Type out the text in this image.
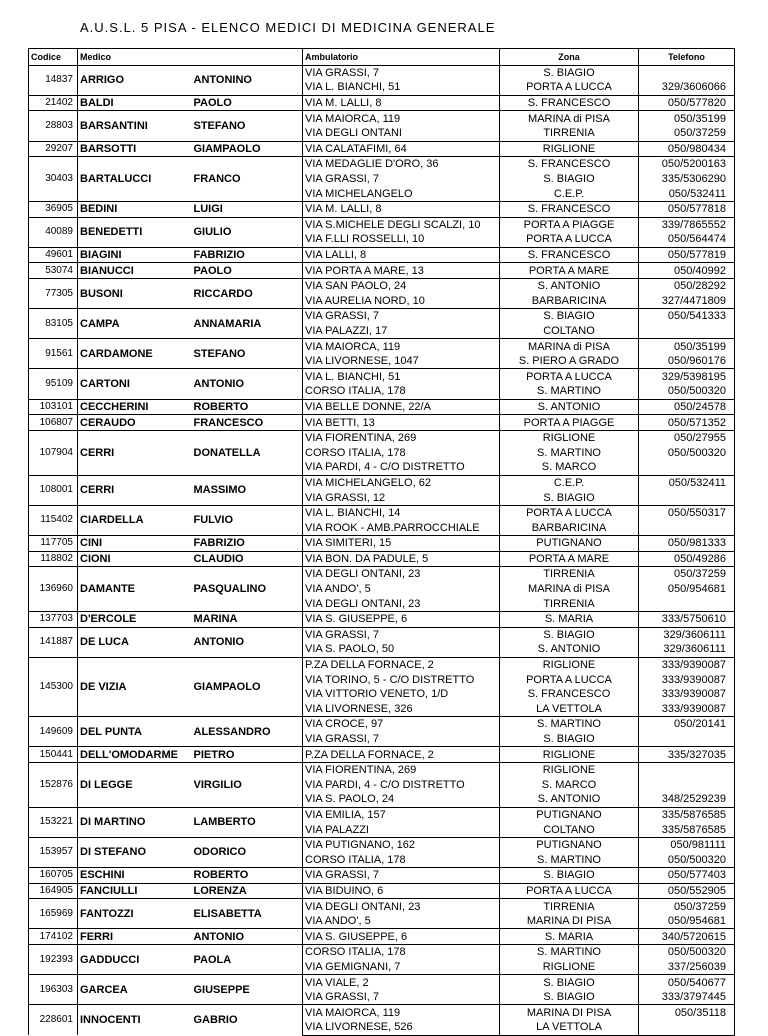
A.U.S.L. 5 PISA - ELENCO MEDICI DI MEDICINA GENERALE
Codice	Medico		Ambulatorio	Zona	Telefono
14837	ARRIGO	ANTONINO	VIA GRASSI, 7	S. BIAGIO	
			VIA L. BIANCHI, 51	PORTA A LUCCA	329/3606066
21402	BALDI	PAOLO	VIA M. LALLI, 8	S. FRANCESCO	050/577820
28803	BARSANTINI	STEFANO	VIA MAIORCA, 119	MARINA di PISA	050/35199
			VIA DEGLI ONTANI	TIRRENIA	050/37259
29207	BARSOTTI	GIAMPAOLO	VIA CALATAFIMI, 64	RIGLIONE	050/980434
30403	BARTALUCCI	FRANCO	VIA MEDAGLIE D'ORO, 36	S. FRANCESCO	050/5200163
			VIA GRASSI, 7	S. BIAGIO	335/5306290
			VIA MICHELANGELO	C.E.P.	050/532411
36905	BEDINI	LUIGI	VIA M. LALLI, 8	S. FRANCESCO	050/577818
40089	BENEDETTI	GIULIO	VIA S.MICHELE DEGLI SCALZI, 10	PORTA A PIAGGE	339/7865552
			VIA F.LLI ROSSELLI, 10	PORTA A LUCCA	050/564474
49601	BIAGINI	FABRIZIO	VIA LALLI, 8	S. FRANCESCO	050/577819
53074	BIANUCCI	PAOLO	VIA PORTA A MARE, 13	PORTA A MARE	050/40992
77305	BUSONI	RICCARDO	VIA SAN PAOLO, 24	S. ANTONIO	050/28292
			VIA AURELIA NORD, 10	BARBARICINA	327/4471809
83105	CAMPA	ANNAMARIA	VIA GRASSI, 7	S. BIAGIO	050/541333
			VIA PALAZZI, 17	COLTANO	
91561	CARDAMONE	STEFANO	VIA MAIORCA, 119	MARINA di PISA	050/35199
			VIA LIVORNESE, 1047	S. PIERO A GRADO	050/960176
95109	CARTONI	ANTONIO	VIA L. BIANCHI, 51	PORTA A LUCCA	329/5398195
			CORSO ITALIA, 178	S. MARTINO	050/500320
103101	CECCHERINI	ROBERTO	VIA BELLE DONNE, 22/A	S. ANTONIO	050/24578
106807	CERAUDO	FRANCESCO	VIA BETTI, 13	PORTA A PIAGGE	050/571352
107904	CERRI	DONATELLA	VIA FIORENTINA, 269	RIGLIONE	050/27955
			CORSO ITALIA, 178	S. MARTINO	050/500320
			VIA PARDI, 4 - C/O DISTRETTO	S. MARCO	
108001	CERRI	MASSIMO	VIA MICHELANGELO, 62	C.E.P.	050/532411
			VIA GRASSI, 12	S. BIAGIO	
115402	CIARDELLA	FULVIO	VIA L. BIANCHI, 14	PORTA A LUCCA	050/550317
			VIA ROOK - AMB.PARROCCHIALE	BARBARICINA	
117705	CINI	FABRIZIO	VIA SIMITERI, 15	PUTIGNANO	050/981333
118802	CIONI	CLAUDIO	VIA BON. DA PADULE, 5	PORTA A MARE	050/49286
136960	DAMANTE	PASQUALINO	VIA DEGLI ONTANI, 23	TIRRENIA	050/37259
			VIA ANDO', 5	MARINA di PISA	050/954681
			VIA DEGLI ONTANI, 23	TIRRENIA	
137703	D'ERCOLE	MARINA	VIA S. GIUSEPPE, 6	S. MARIA	333/5750610
141887	DE LUCA	ANTONIO	VIA GRASSI, 7	S. BIAGIO	329/3606111
			VIA S. PAOLO, 50	S. ANTONIO	329/3606111
145300	DE VIZIA	GIAMPAOLO	P.ZA DELLA FORNACE, 2	RIGLIONE	333/9390087
			VIA TORINO, 5 - C/O DISTRETTO	PORTA A LUCCA	333/9390087
			VIA VITTORIO VENETO, 1/D	S. FRANCESCO	333/9390087
			VIA LIVORNESE, 326	LA VETTOLA	333/9390087
149609	DEL PUNTA	ALESSANDRO	VIA CROCE, 97	S. MARTINO	050/20141
			VIA GRASSI, 7	S. BIAGIO	
150441	DELL'OMODARME	PIETRO	P.ZA DELLA FORNACE, 2	RIGLIONE	335/327035
152876	DI LEGGE	VIRGILIO	VIA FIORENTINA, 269	RIGLIONE	
			VIA PARDI, 4 - C/O DISTRETTO	S. MARCO	
			VIA S. PAOLO, 24	S. ANTONIO	348/2529239
153221	DI MARTINO	LAMBERTO	VIA EMILIA, 157	PUTIGNANO	335/5876585
			VIA PALAZZI	COLTANO	335/5876585
153957	DI STEFANO	ODORICO	VIA PUTIGNANO, 162	PUTIGNANO	050/981111
			CORSO ITALIA, 178	S. MARTINO	050/500320
160705	ESCHINI	ROBERTO	VIA GRASSI, 7	S. BIAGIO	050/577403
164905	FANCIULLI	LORENZA	VIA BIDUINO, 6	PORTA A LUCCA	050/552905
165969	FANTOZZI	ELISABETTA	VIA DEGLI ONTANI, 23	TIRRENIA	050/37259
			VIA ANDO', 5	MARINA DI PISA	050/954681
174102	FERRI	ANTONIO	VIA S. GIUSEPPE, 6	S. MARIA	340/5720615
192393	GADDUCCI	PAOLA	CORSO ITALIA, 178	S. MARTINO	050/500320
			VIA GEMIGNANI, 7	RIGLIONE	337/256039
196303	GARCEA	GIUSEPPE	VIA VIALE, 2	S. BIAGIO	050/540677
			VIA GRASSI, 7	S. BIAGIO	333/3797445
228601	INNOCENTI	GABRIO	VIA MAIORCA, 119	MARINA DI PISA	050/35118
			VIA LIVORNESE, 526	LA VETTOLA	
